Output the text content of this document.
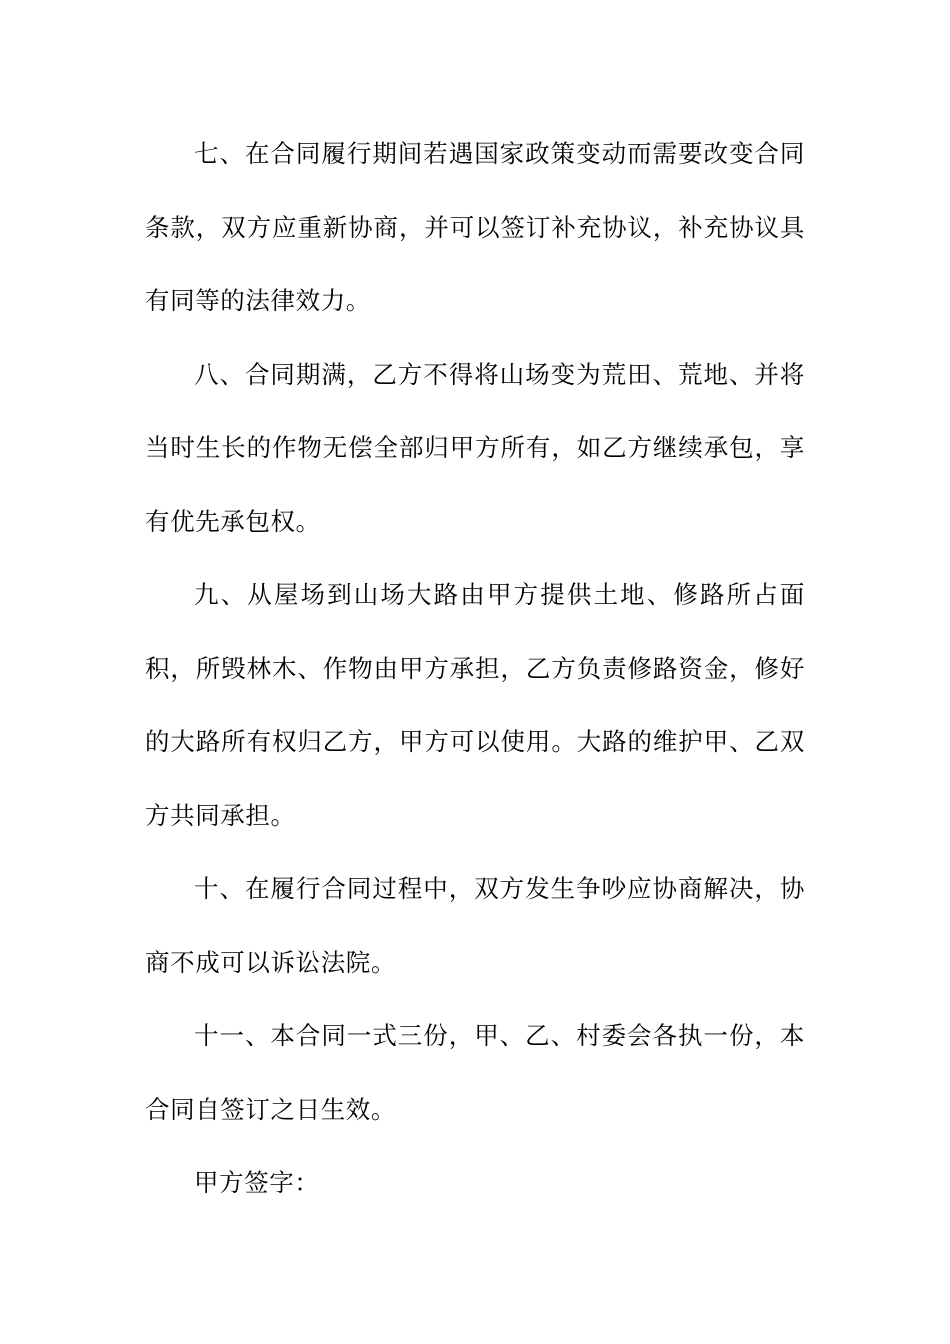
七、在合同履行期间若遇国家政策变动而需要改变合同条款，双方应重新协商，并可以签订补充协议，补充协议具有同等的法律效力。

八、合同期满，乙方不得将山场变为荒田、荒地、并将当时生长的作物无偿全部归甲方所有，如乙方继续承包，享有优先承包权。

九、从屋场到山场大路由甲方提供土地、修路所占面积，所毁林木、作物由甲方承担，乙方负责修路资金，修好的大路所有权归乙方，甲方可以使用。大路的维护甲、乙双方共同承担。

十、在履行合同过程中，双方发生争吵应协商解决，协商不成可以诉讼法院。

十一、本合同一式三份，甲、乙、村委会各执一份，本合同自签订之日生效。

甲方签字：
